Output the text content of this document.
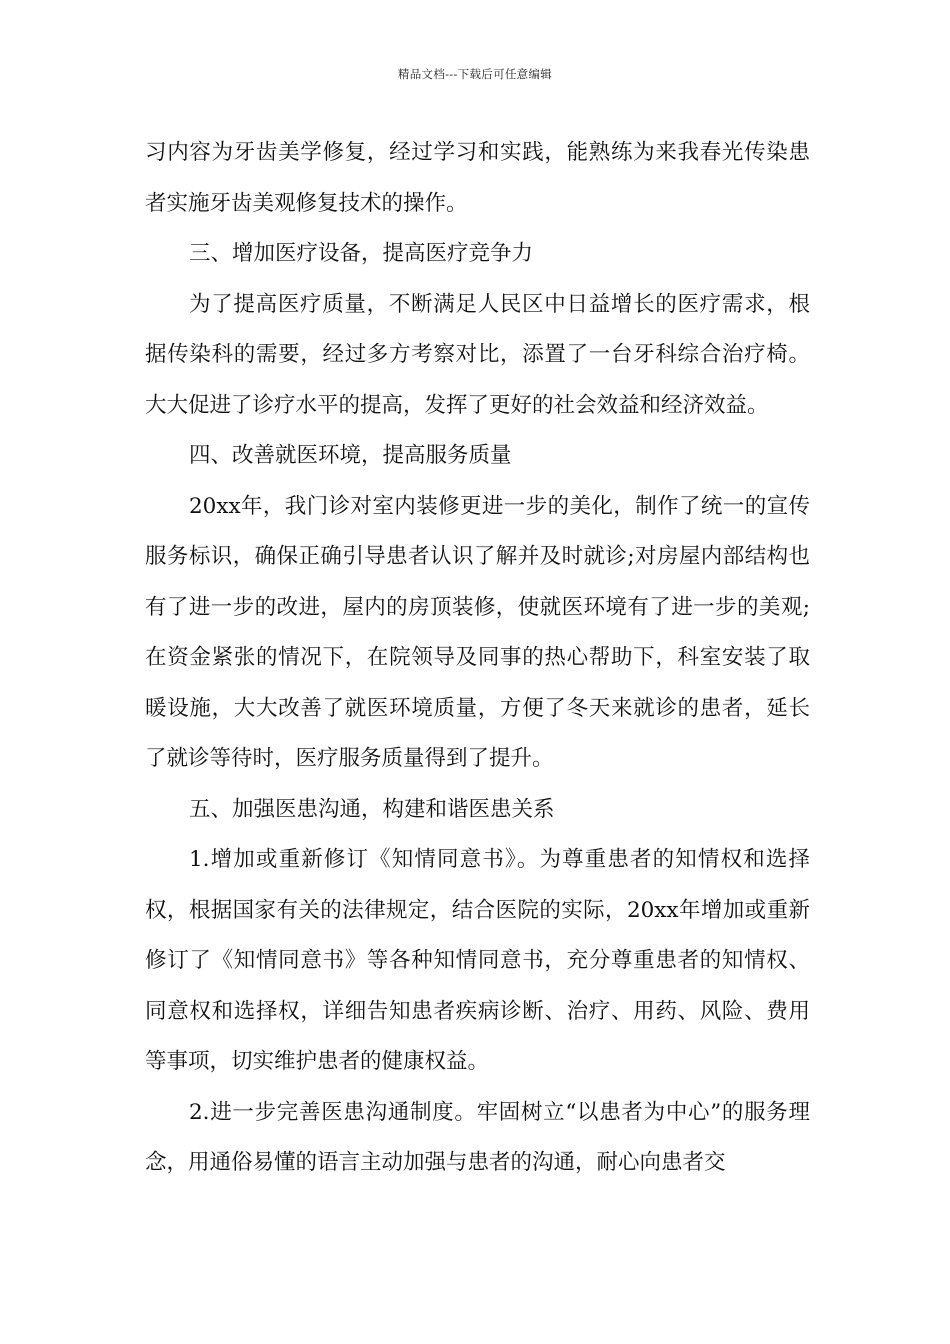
精品文档---下载后可任意编辑

习内容为牙齿美学修复，经过学习和实践，能熟练为来我春光传染患者实施牙齿美观修复技术的操作。

三、增加医疗设备，提高医疗竞争力

为了提高医疗质量，不断满足人民区中日益增长的医疗需求，根据传染科的需要，经过多方考察对比，添置了一台牙科综合治疗椅。大大促进了诊疗水平的提高，发挥了更好的社会效益和经济效益。

四、改善就医环境，提高服务质量

20xx年，我门诊对室内装修更进一步的美化，制作了统一的宣传服务标识，确保正确引导患者认识了解并及时就诊;对房屋内部结构也有了进一步的改进，屋内的房顶装修，使就医环境有了进一步的美观;在资金紧张的情况下，在院领导及同事的热心帮助下，科室安装了取暖设施，大大改善了就医环境质量，方便了冬天来就诊的患者，延长了就诊等待时，医疗服务质量得到了提升。

五、加强医患沟通，构建和谐医患关系

1.增加或重新修订《知情同意书》。为尊重患者的知情权和选择权，根据国家有关的法律规定，结合医院的实际，20xx年增加或重新修订了《知情同意书》等各种知情同意书，充分尊重患者的知情权、同意权和选择权，详细告知患者疾病诊断、治疗、用药、风险、费用等事项，切实维护患者的健康权益。

2.进一步完善医患沟通制度。牢固树立“以患者为中心”的服务理念，用通俗易懂的语言主动加强与患者的沟通，耐心向患者交
